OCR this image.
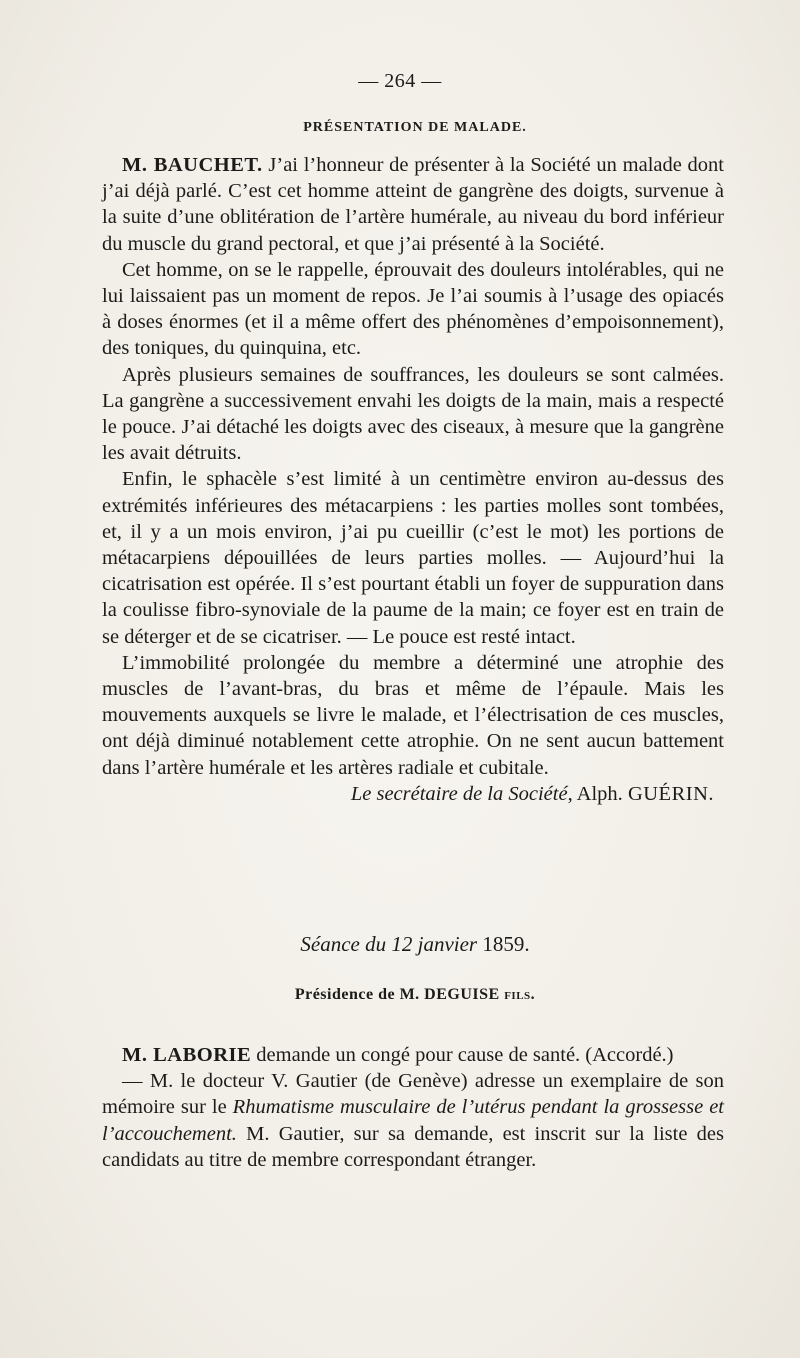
— 264 —
PRÉSENTATION DE MALADE.

M. BAUCHET. J’ai l’honneur de présenter à la Société un malade dont j’ai déjà parlé. C’est cet homme atteint de gangrène des doigts, survenue à la suite d’une oblitération de l’artère humérale, au niveau du bord inférieur du muscle du grand pectoral, et que j’ai présenté à la Société.

Cet homme, on se le rappelle, éprouvait des douleurs intolérables, qui ne lui laissaient pas un moment de repos. Je l’ai soumis à l’usage des opiacés à doses énormes (et il a même offert des phénomènes d’empoisonnement), des toniques, du quinquina, etc.

Après plusieurs semaines de souffrances, les douleurs se sont calmées. La gangrène a successivement envahi les doigts de la main, mais a respecté le pouce. J’ai détaché les doigts avec des ciseaux, à mesure que la gangrène les avait détruits.

Enfin, le sphacèle s’est limité à un centimètre environ au-dessus des extrémités inférieures des métacarpiens : les parties molles sont tombées, et, il y a un mois environ, j’ai pu cueillir (c’est le mot) les portions de métacarpiens dépouillées de leurs parties molles. — Aujourd’hui la cicatrisation est opérée. Il s’est pourtant établi un foyer de suppuration dans la coulisse fibro-synoviale de la paume de la main; ce foyer est en train de se déterger et de se cicatriser. — Le pouce est resté intact.

L’immobilité prolongée du membre a déterminé une atrophie des muscles de l’avant-bras, du bras et même de l’épaule. Mais les mouvements auxquels se livre le malade, et l’électrisation de ces muscles, ont déjà diminué notablement cette atrophie. On ne sent aucun battement dans l’artère humérale et les artères radiale et cubitale.

Le secrétaire de la Société, Alph. GUÉRIN.

Séance du 12 janvier 1859.
Présidence de M. DEGUISE fils.

M. LABORIE demande un congé pour cause de santé. (Accordé.)

— M. le docteur V. Gautier (de Genève) adresse un exemplaire de son mémoire sur le Rhumatisme musculaire de l’utérus pendant la grossesse et l’accouchement. M. Gautier, sur sa demande, est inscrit sur la liste des candidats au titre de membre correspondant étranger.
